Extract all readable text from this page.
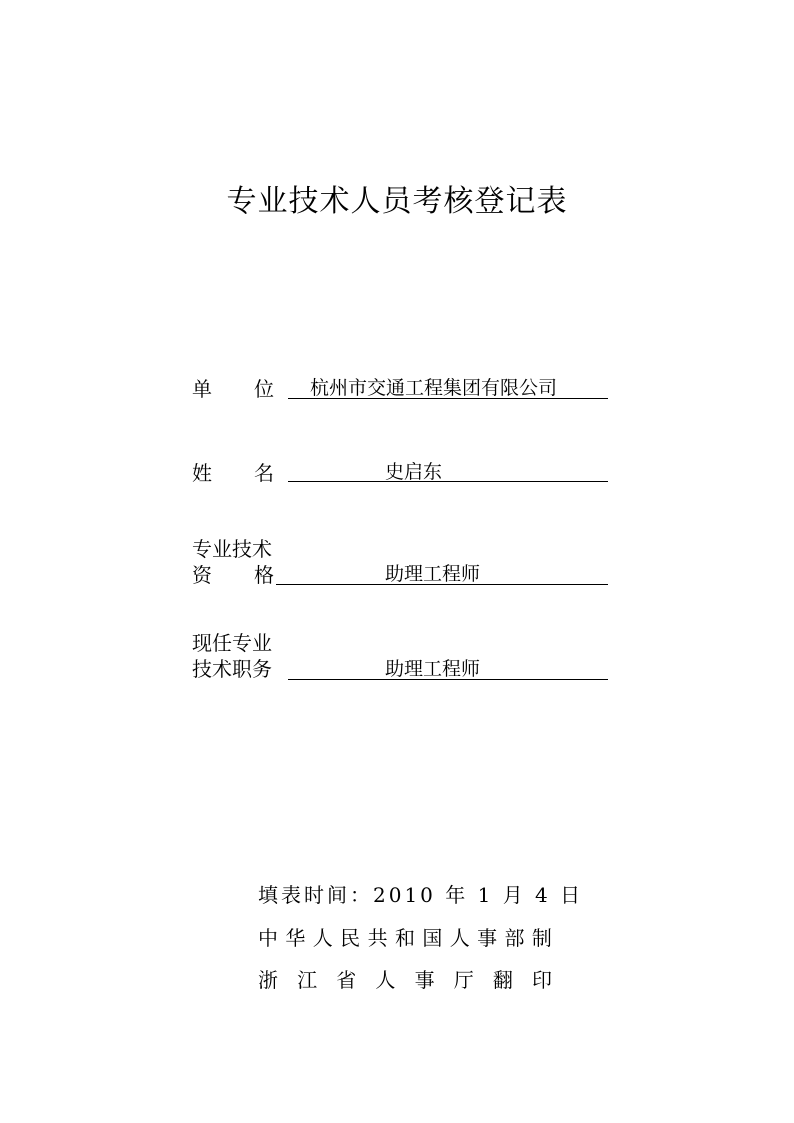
专业技术人员考核登记表
单 位 杭州市交通工程集团有限公司
姓 名	史启东
专业技术
资 格	助理工程师
现任专业
技术职务	助理工程师
填表时间： 2010 年 1 月 4 日
中 华 人 民 共 和 国 人 事 部 制
浙 江 省 人 事 厅 翻 印
